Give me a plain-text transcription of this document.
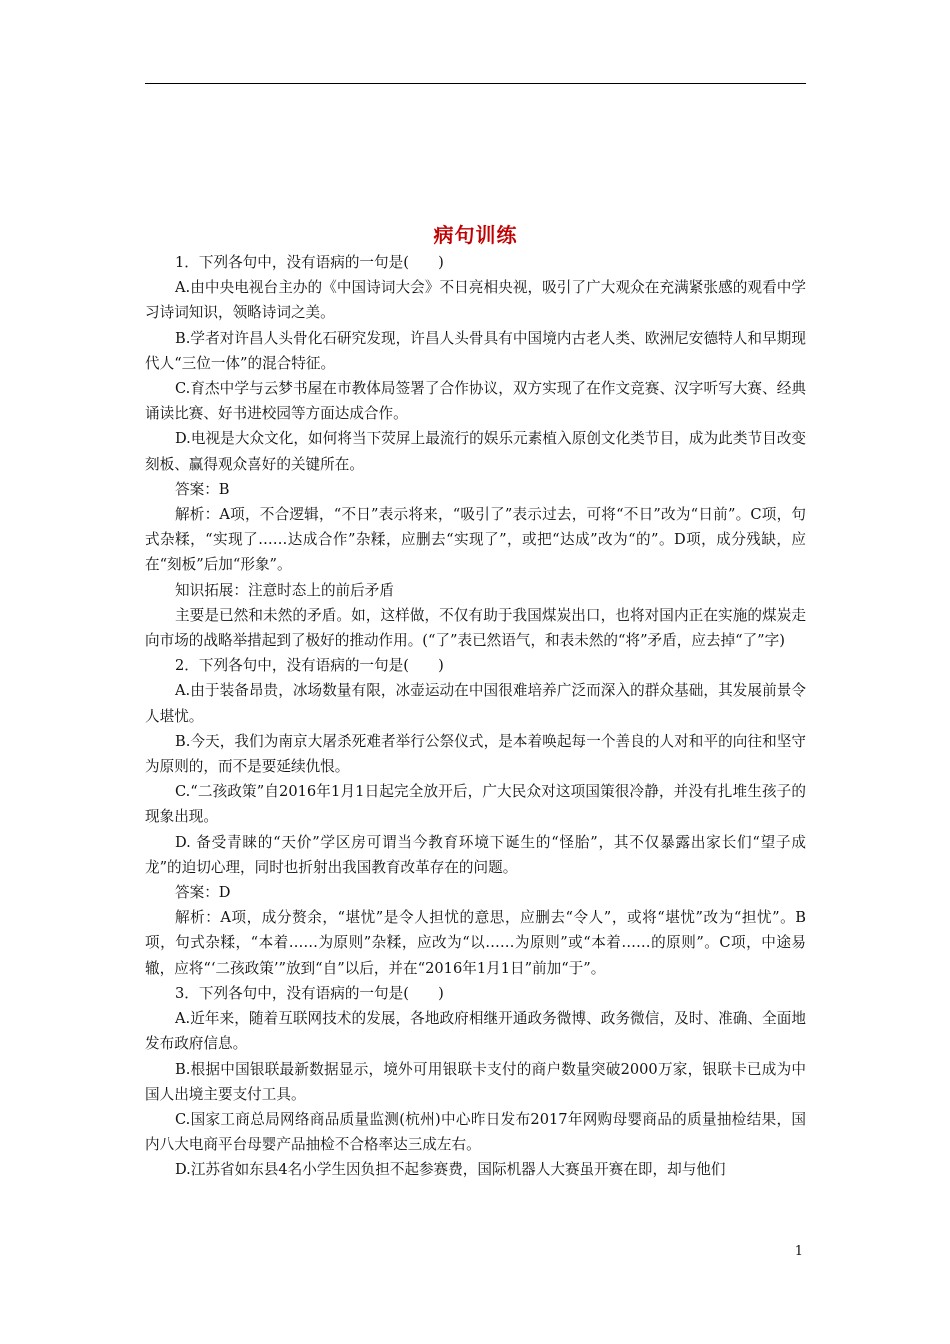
病句训练

1．下列各句中，没有语病的一句是(　　)

A.由中央电视台主办的《中国诗词大会》不日亮相央视，吸引了广大观众在充满紧张感的观看中学习诗词知识，领略诗词之美。

B.学者对许昌人头骨化石研究发现，许昌人头骨具有中国境内古老人类、欧洲尼安德特人和早期现代人“三位一体”的混合特征。

C.育杰中学与云梦书屋在市教体局签署了合作协议，双方实现了在作文竞赛、汉字听写大赛、经典诵读比赛、好书进校园等方面达成合作。

D.电视是大众文化，如何将当下荧屏上最流行的娱乐元素植入原创文化类节目，成为此类节目改变刻板、赢得观众喜好的关键所在。

答案：B

解析：A项，不合逻辑，“不日”表示将来，“吸引了”表示过去，可将“不日”改为“日前”。C项，句式杂糅，“实现了……达成合作”杂糅，应删去“实现了”，或把“达成”改为“的”。D项，成分残缺，应在“刻板”后加“形象”。

知识拓展：注意时态上的前后矛盾

主要是已然和未然的矛盾。如，这样做，不仅有助于我国煤炭出口，也将对国内正在实施的煤炭走向市场的战略举措起到了极好的推动作用。(“了”表已然语气，和表未然的“将”矛盾，应去掉“了”字)

2．下列各句中，没有语病的一句是(　　)

A.由于装备昂贵，冰场数量有限，冰壶运动在中国很难培养广泛而深入的群众基础，其发展前景令人堪忧。

B.今天，我们为南京大屠杀死难者举行公祭仪式，是本着唤起每一个善良的人对和平的向往和坚守为原则的，而不是要延续仇恨。

C.“二孩政策”自2016年1月1日起完全放开后，广大民众对这项国策很冷静，并没有扎堆生孩子的现象出现。

D. 备受青睐的“天价”学区房可谓当今教育环境下诞生的“怪胎”，其不仅暴露出家长们“望子成龙”的迫切心理，同时也折射出我国教育改革存在的问题。

答案：D

解析：A项，成分赘余，“堪忧”是令人担忧的意思，应删去“令人”，或将“堪忧”改为“担忧”。B项，句式杂糅，“本着……为原则”杂糅，应改为“以……为原则”或“本着……的原则”。C项，中途易辙，应将“‘二孩政策’”放到“自”以后，并在“2016年1月1日”前加“于”。

3．下列各句中，没有语病的一句是(　　)

A.近年来，随着互联网技术的发展，各地政府相继开通政务微博、政务微信，及时、准确、全面地发布政府信息。

B.根据中国银联最新数据显示，境外可用银联卡支付的商户数量突破2000万家，银联卡已成为中国人出境主要支付工具。

C.国家工商总局网络商品质量监测(杭州)中心昨日发布2017年网购母婴商品的质量抽检结果，国内八大电商平台母婴产品抽检不合格率达三成左右。

D.江苏省如东县4名小学生因负担不起参赛费，国际机器人大赛虽开赛在即，却与他们

1
